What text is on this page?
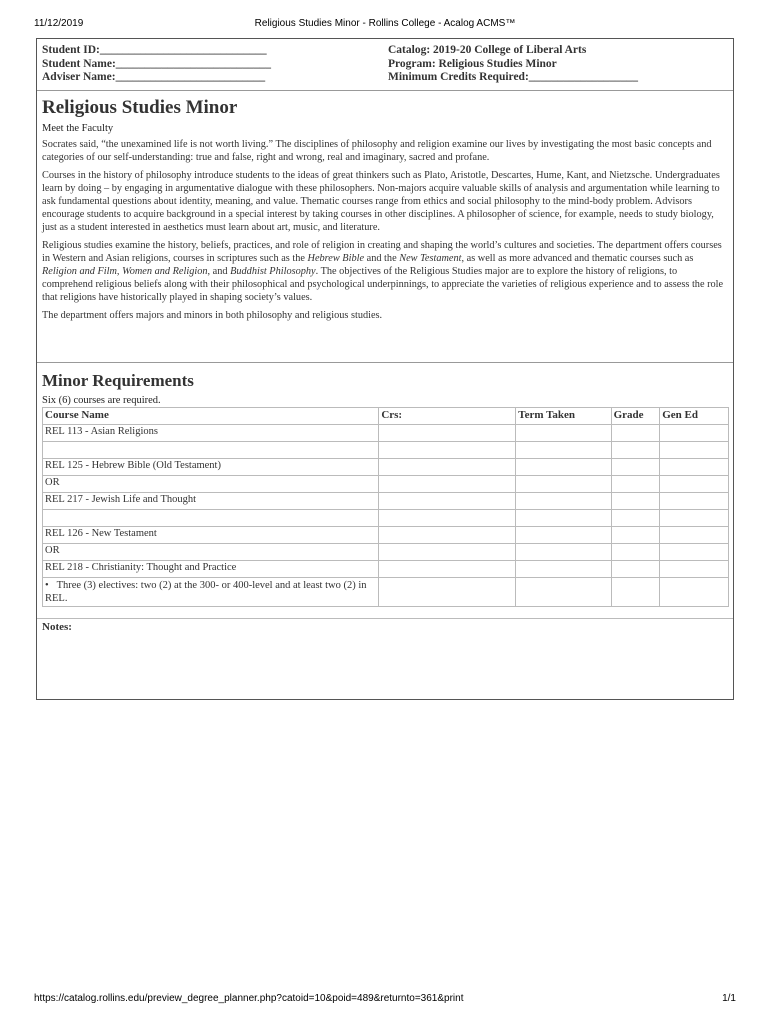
11/12/2019	Religious Studies Minor - Rollins College - Acalog ACMS™
Student ID:_____________________________
Student Name:___________________________
Adviser Name:__________________________
Catalog: 2019-20 College of Liberal Arts
Program: Religious Studies Minor
Minimum Credits Required:___________________
Religious Studies Minor
Meet the Faculty

Socrates said, “the unexamined life is not worth living.” The disciplines of philosophy and religion examine our lives by investigating the most basic concepts and categories of our self-understanding: true and false, right and wrong, real and imaginary, sacred and profane.

Courses in the history of philosophy introduce students to the ideas of great thinkers such as Plato, Aristotle, Descartes, Hume, Kant, and Nietzsche. Undergraduates learn by doing – by engaging in argumentative dialogue with these philosophers. Non-majors acquire valuable skills of analysis and argumentation while learning to ask fundamental questions about identity, meaning, and value. Thematic courses range from ethics and social philosophy to the mind-body problem. Advisors encourage students to acquire background in a special interest by taking courses in other disciplines. A philosopher of science, for example, needs to study biology, just as a student interested in aesthetics must learn about art, music, and literature.

Religious studies examine the history, beliefs, practices, and role of religion in creating and shaping the world’s cultures and societies. The department offers courses in Western and Asian religions, courses in scriptures such as the Hebrew Bible and the New Testament, as well as more advanced and thematic courses such as Religion and Film, Women and Religion, and Buddhist Philosophy. The objectives of the Religious Studies major are to explore the history of religions, to comprehend religious beliefs along with their philosophical and psychological underpinnings, to appreciate the varieties of religious experience and to assess the role that religions have historically played in shaping society’s values.

The department offers majors and minors in both philosophy and religious studies.

Minor Requirements
Six (6) courses are required.
Course Name	Crs:	Term Taken	Grade	Gen Ed
REL 113 - Asian Religions				

REL 125 - Hebrew Bible (Old Testament)				
OR				
REL 217 - Jewish Life and Thought				

REL 126 - New Testament				
OR				
REL 218 - Christianity: Thought and Practice				
•   Three (3) electives: two (2) at the 300- or 400-level and at least two (2) in REL.				
Notes:
https://catalog.rollins.edu/preview_degree_planner.php?catoid=10&poid=489&returnto=361&print	1/1
